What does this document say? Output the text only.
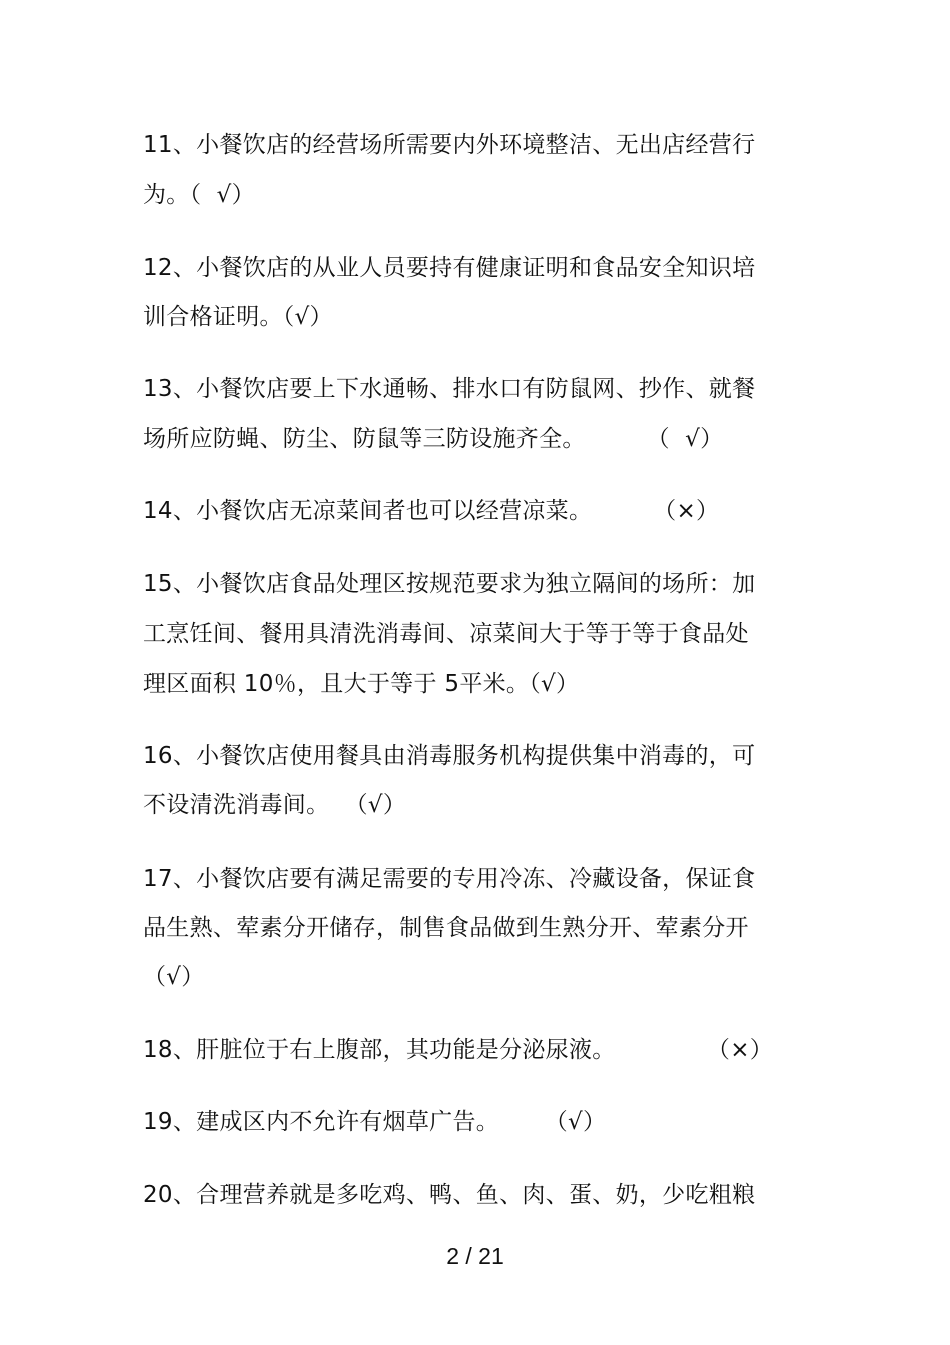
11、小餐饮店的经营场所需要内外环境整洁、无出店经营行
为。（  √）
12、小餐饮店的从业人员要持有健康证明和食品安全知识培
训合格证明。（√）
13、小餐饮店要上下水通畅、排水口有防鼠网、抄作、就餐
场所应防蝇、防尘、防鼠等三防设施齐全。        （  √）
14、小餐饮店无凉菜间者也可以经营凉菜。        （×）
15、小餐饮店食品处理区按规范要求为独立隔间的场所：加
工烹饪间、餐用具清洗消毒间、凉菜间大于等于等于食品处
理区面积 10％，且大于等于 5平米。（√）
16、小餐饮店使用餐具由消毒服务机构提供集中消毒的，可
不设清洗消毒间。  （√）
17、小餐饮店要有满足需要的专用冷冻、冷藏设备，保证食
品生熟、荤素分开储存，制售食品做到生熟分开、荤素分开
（√）
18、肝脏位于右上腹部，其功能是分泌尿液。            （×）
19、建成区内不允许有烟草广告。      （√）
20、合理营养就是多吃鸡、鸭、鱼、肉、蛋、奶，少吃粗粮
2 / 21
